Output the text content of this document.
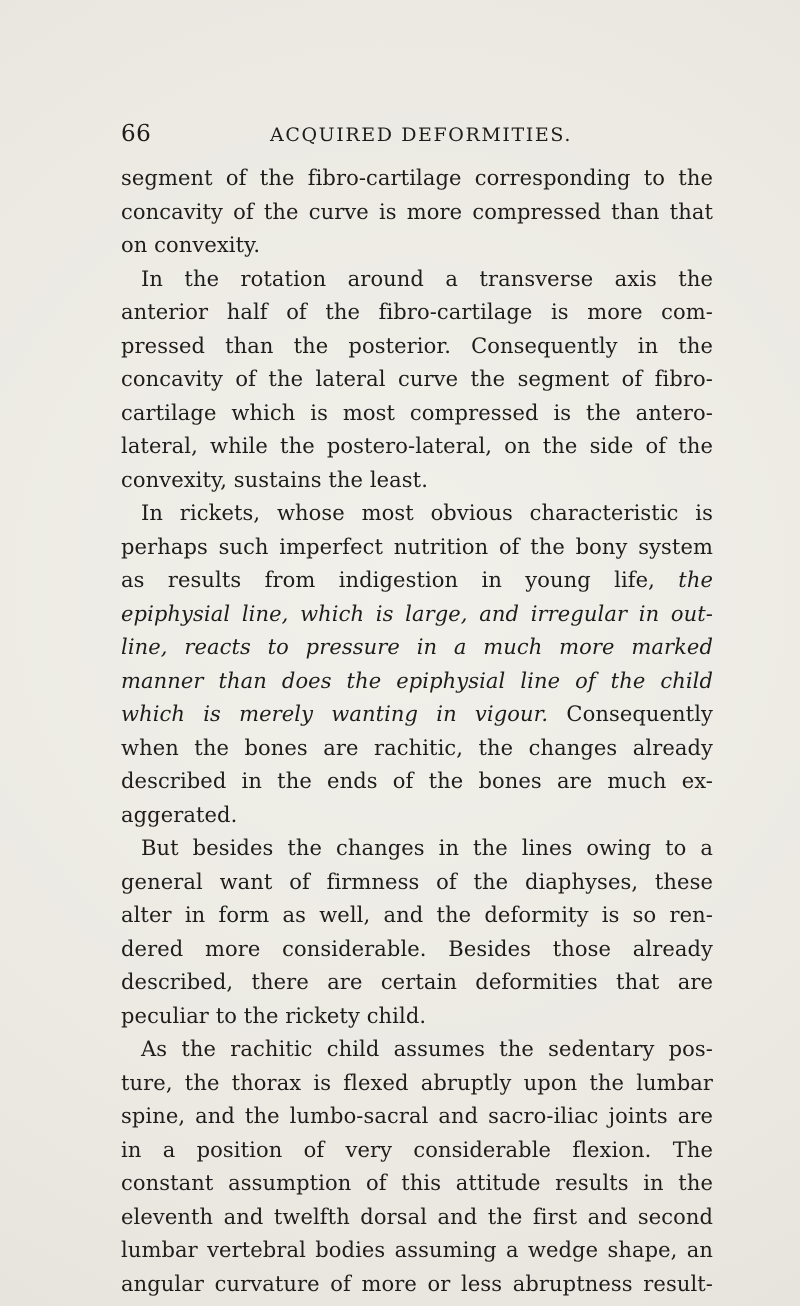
66	ACQUIRED DEFORMITIES.
segment of the fibro-cartilage corresponding to the
concavity of the curve is more compressed than that
on convexity.
In the rotation around a transverse axis the
anterior half of the fibro-cartilage is more com-
pressed than the posterior. Consequently in the
concavity of the lateral curve the segment of fibro-
cartilage which is most compressed is the antero-
lateral, while the postero-lateral, on the side of the
convexity, sustains the least.
In rickets, whose most obvious characteristic is
perhaps such imperfect nutrition of the bony system
as results from indigestion in young life, the
epiphysial line, which is large, and irregular in out-
line, reacts to pressure in a much more marked
manner than does the epiphysial line of the child
which is merely wanting in vigour. Consequently
when the bones are rachitic, the changes already
described in the ends of the bones are much ex-
aggerated.
But besides the changes in the lines owing to a
general want of firmness of the diaphyses, these
alter in form as well, and the deformity is so ren-
dered more considerable. Besides those already
described, there are certain deformities that are
peculiar to the rickety child.
As the rachitic child assumes the sedentary pos-
ture, the thorax is flexed abruptly upon the lumbar
spine, and the lumbo-sacral and sacro-iliac joints are
in a position of very considerable flexion. The
constant assumption of this attitude results in the
eleventh and twelfth dorsal and the first and second
lumbar vertebral bodies assuming a wedge shape, an
angular curvature of more or less abruptness result-
